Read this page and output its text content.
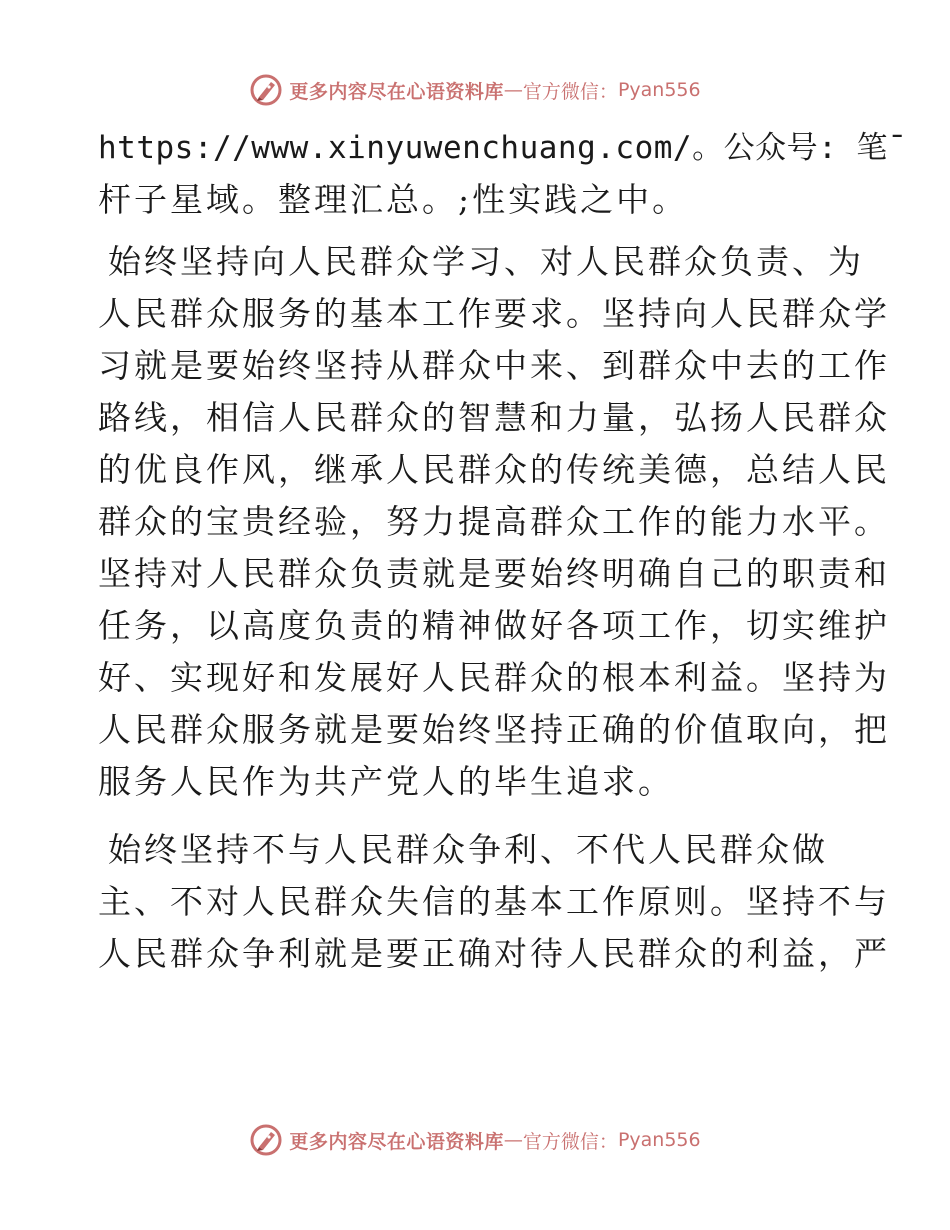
更多内容尽在心语资料库 — 官方微信： Pyan556
https://www.xinyuwenchuang.com/。公众号: 笔¯
杆子星域。整理汇总。;性实践之中。
始终坚持向人民群众学习、对人民群众负责、为
人民群众服务的基本工作要求。坚持向人民群众学
习就是要始终坚持从群众中来、到群众中去的工作
路线，相信人民群众的智慧和力量，弘扬人民群众
的优良作风，继承人民群众的传统美德，总结人民
群众的宝贵经验，努力提高群众工作的能力水平。
坚持对人民群众负责就是要始终明确自己的职责和
任务，以高度负责的精神做好各项工作，切实维护
好、实现好和发展好人民群众的根本利益。坚持为
人民群众服务就是要始终坚持正确的价值取向，把
服务人民作为共产党人的毕生追求。
始终坚持不与人民群众争利、不代人民群众做
主、不对人民群众失信的基本工作原则。坚持不与
人民群众争利就是要正确对待人民群众的利益，严
更多内容尽在心语资料库 — 官方微信： Pyan556
